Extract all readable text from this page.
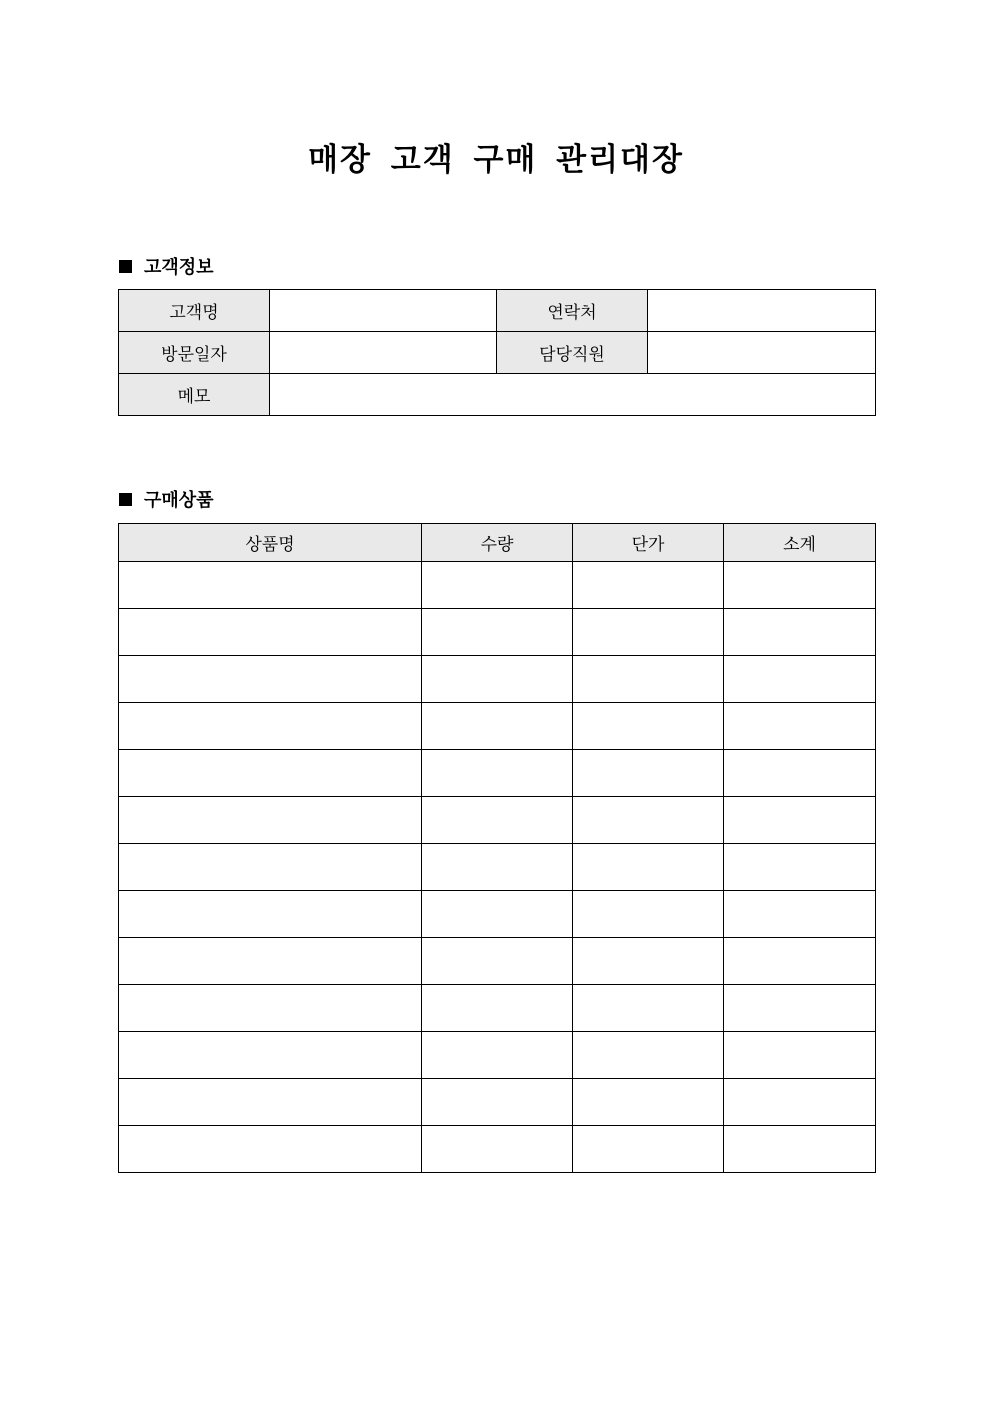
매장 고객 구매 관리대장
고객정보
고객명		연락처	
방문일자		담당직원	
메모			
구매상품
상품명	수량	단가	소계
